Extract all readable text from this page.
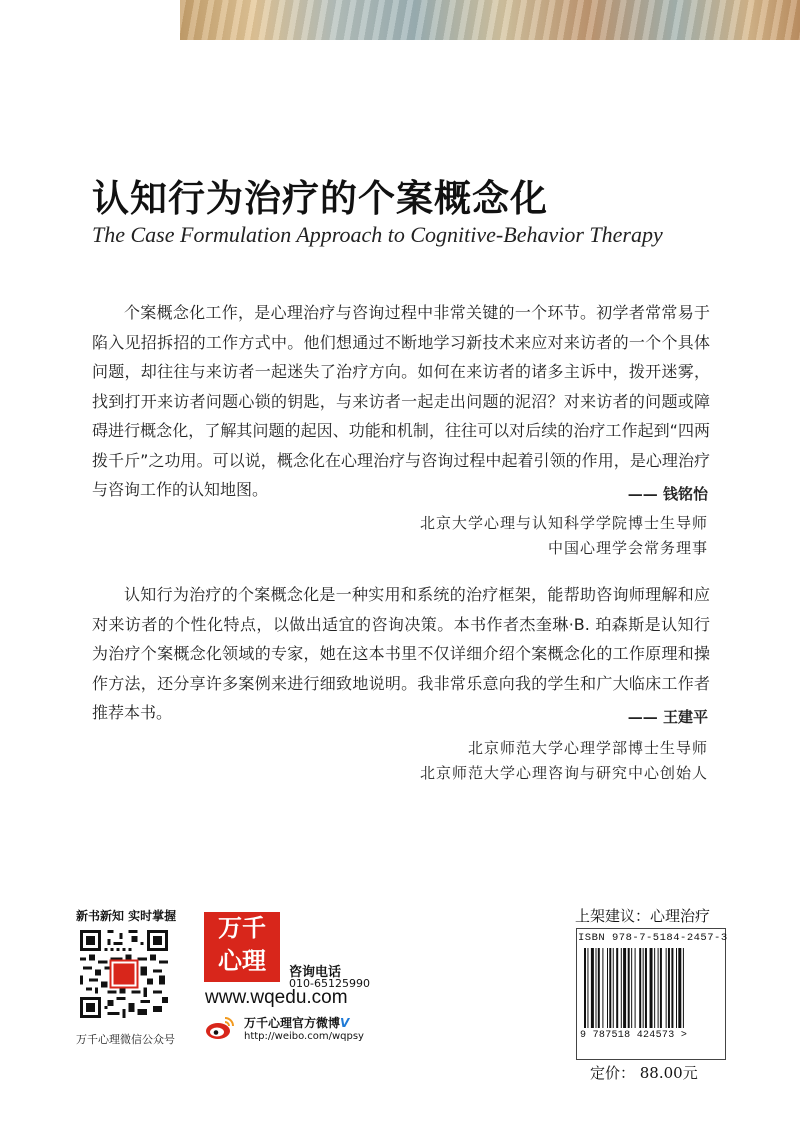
认知行为治疗的个案概念化
The Case Formulation Approach to Cognitive-Behavior Therapy

个案概念化工作，是心理治疗与咨询过程中非常关键的一个环节。初学者常常易于陷入见招拆招的工作方式中。他们想通过不断地学习新技术来应对来访者的一个个具体问题，却往往与来访者一起迷失了治疗方向。如何在来访者的诸多主诉中，拨开迷雾，找到打开来访者问题心锁的钥匙，与来访者一起走出问题的泥沼？对来访者的问题或障碍进行概念化，了解其问题的起因、功能和机制，往往可以对后续的治疗工作起到“四两拨千斤”之功用。可以说，概念化在心理治疗与咨询过程中起着引领的作用，是心理治疗与咨询工作的认知地图。	—— 钱铭怡
北京大学心理与认知科学学院博士生导师
中国心理学会常务理事

认知行为治疗的个案概念化是一种实用和系统的治疗框架，能帮助咨询师理解和应对来访者的个性化特点，以做出适宜的咨询决策。本书作者杰奎琳·B. 珀森斯是认知行为治疗个案概念化领域的专家，她在这本书里不仅详细介绍个案概念化的工作原理和操作方法，还分享许多案例来进行细致地说明。我非常乐意向我的学生和广大临床工作者推荐本书。	—— 王建平
北京师范大学心理学部博士生导师
北京师范大学心理咨询与研究中心创始人
新书新知 实时掌握
万千心理微信公众号
万千
心理	咨询电话
010-65125990
www.wqedu.com
万千心理官方微博V
http://weibo.com/wqpsy
上架建议：心理治疗
ISBN 978-7-5184-2457-3
9 787518 424573 >
定价： 88.00元
